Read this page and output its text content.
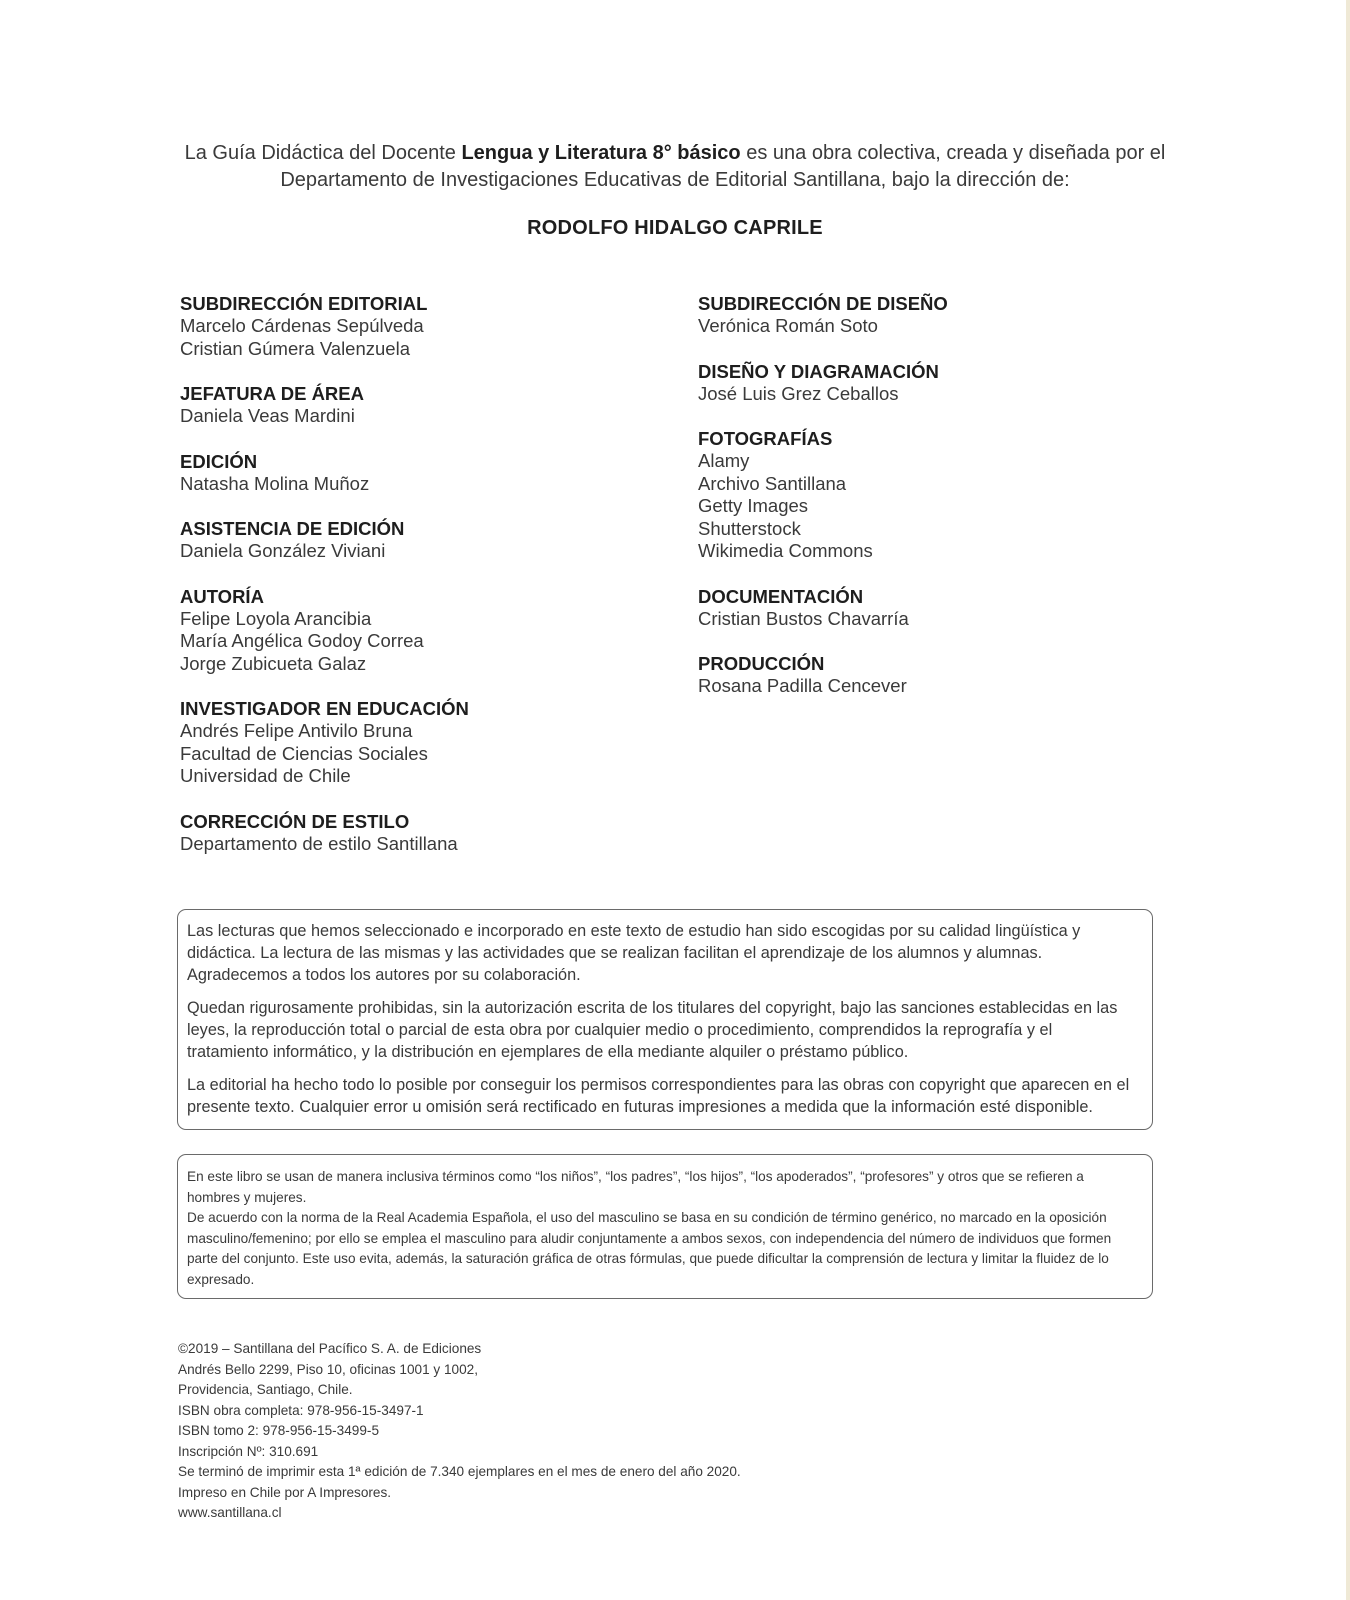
La Guía Didáctica del Docente Lengua y Literatura 8° básico es una obra colectiva, creada y diseñada por el Departamento de Investigaciones Educativas de Editorial Santillana, bajo la dirección de:
RODOLFO HIDALGO CAPRILE
SUBDIRECCIÓN EDITORIAL
Marcelo Cárdenas Sepúlveda
Cristian Gúmera Valenzuela
JEFATURA DE ÁREA
Daniela Veas Mardini
EDICIÓN
Natasha Molina Muñoz
ASISTENCIA DE EDICIÓN
Daniela González Viviani
AUTORÍA
Felipe Loyola Arancibia
María Angélica Godoy Correa
Jorge Zubicueta Galaz
INVESTIGADOR EN EDUCACIÓN
Andrés Felipe Antivilo Bruna
Facultad de Ciencias Sociales
Universidad de Chile
CORRECCIÓN DE ESTILO
Departamento de estilo Santillana
SUBDIRECCIÓN DE DISEÑO
Verónica Román Soto
DISEÑO Y DIAGRAMACIÓN
José Luis Grez Ceballos
FOTOGRAFÍAS
Alamy
Archivo Santillana
Getty Images
Shutterstock
Wikimedia Commons
DOCUMENTACIÓN
Cristian Bustos Chavarría
PRODUCCIÓN
Rosana Padilla Cencever

Las lecturas que hemos seleccionado e incorporado en este texto de estudio han sido escogidas por su calidad lingüística y didáctica. La lectura de las mismas y las actividades que se realizan facilitan el aprendizaje de los alumnos y alumnas. Agradecemos a todos los autores por su colaboración.

Quedan rigurosamente prohibidas, sin la autorización escrita de los titulares del copyright, bajo las sanciones establecidas en las leyes, la reproducción total o parcial de esta obra por cualquier medio o procedimiento, comprendidos la reprografía y el tratamiento informático, y la distribución en ejemplares de ella mediante alquiler o préstamo público.

La editorial ha hecho todo lo posible por conseguir los permisos correspondientes para las obras con copyright que aparecen en el presente texto. Cualquier error u omisión será rectificado en futuras impresiones a medida que la información esté disponible.

En este libro se usan de manera inclusiva términos como “los niños”, “los padres”, “los hijos”, “los apoderados”, “profesores” y otros que se refieren a hombres y mujeres.

De acuerdo con la norma de la Real Academia Española, el uso del masculino se basa en su condición de término genérico, no marcado en la oposición masculino/femenino; por ello se emplea el masculino para aludir conjuntamente a ambos sexos, con independencia del número de individuos que formen parte del conjunto. Este uso evita, además, la saturación gráfica de otras fórmulas, que puede dificultar la comprensión de lectura y limitar la fluidez de lo expresado.

©2019 – Santillana del Pacífico S. A. de Ediciones
Andrés Bello 2299, Piso 10, oficinas 1001 y 1002,
Providencia, Santiago, Chile.
ISBN obra completa: 978-956-15-3497-1
ISBN tomo 2: 978-956-15-3499-5
Inscripción Nº: 310.691
Se terminó de imprimir esta 1ª edición de 7.340 ejemplares en el mes de enero del año 2020.
Impreso en Chile por A Impresores.
www.santillana.cl
